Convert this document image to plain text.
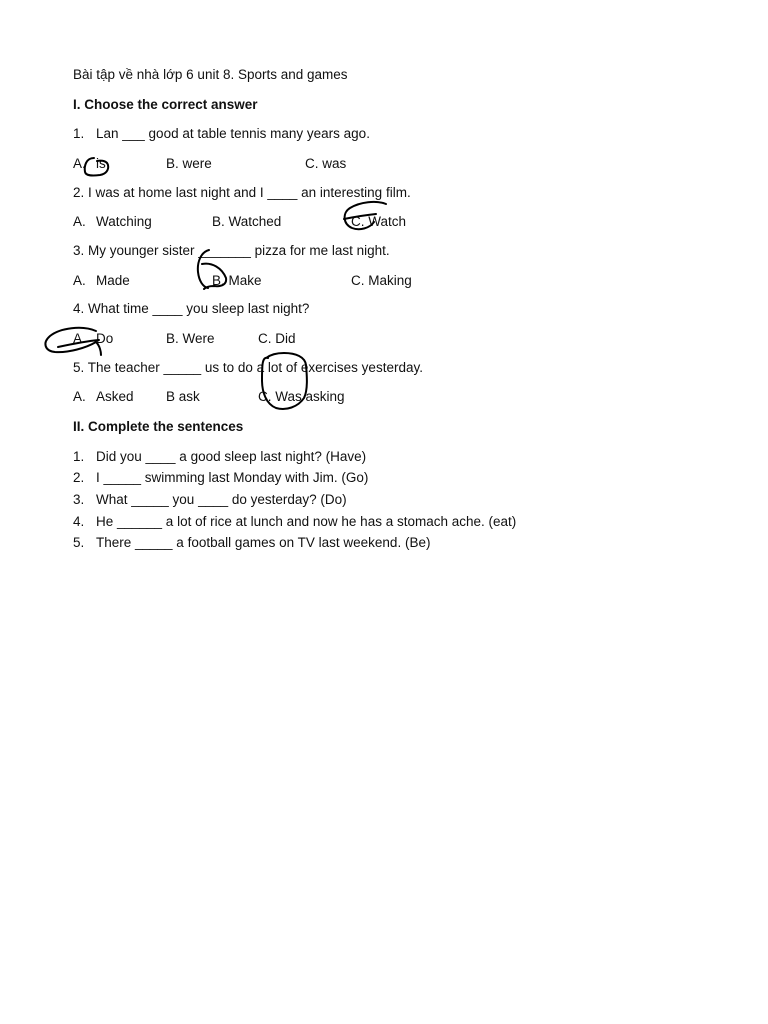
Bài tập về nhà lớp 6 unit 8. Sports and games
I. Choose the correct answer
1. Lan ___ good at table tennis many years ago.
A. is	B. were	C. was
2. I was at home last night and I ____ an interesting film.
A. Watching	B. Watched	C. Watch
3. My younger sister _______ pizza for me last night.
A. Made	B. Make	C. Making
4. What time ____ you sleep last night?
A. Do	B. Were	C. Did
5. The teacher _____ us to do a lot of exercises yesterday.
A. Asked B ask	C. Was asking
II. Complete the sentences
1. Did you ____ a good sleep last night? (Have)
2. I _____ swimming last Monday with Jim. (Go)
3. What _____ you ____ do yesterday? (Do)
4. He ______ a lot of rice at lunch and now he has a stomach ache. (eat)
5. There _____ a football games on TV last weekend. (Be)
